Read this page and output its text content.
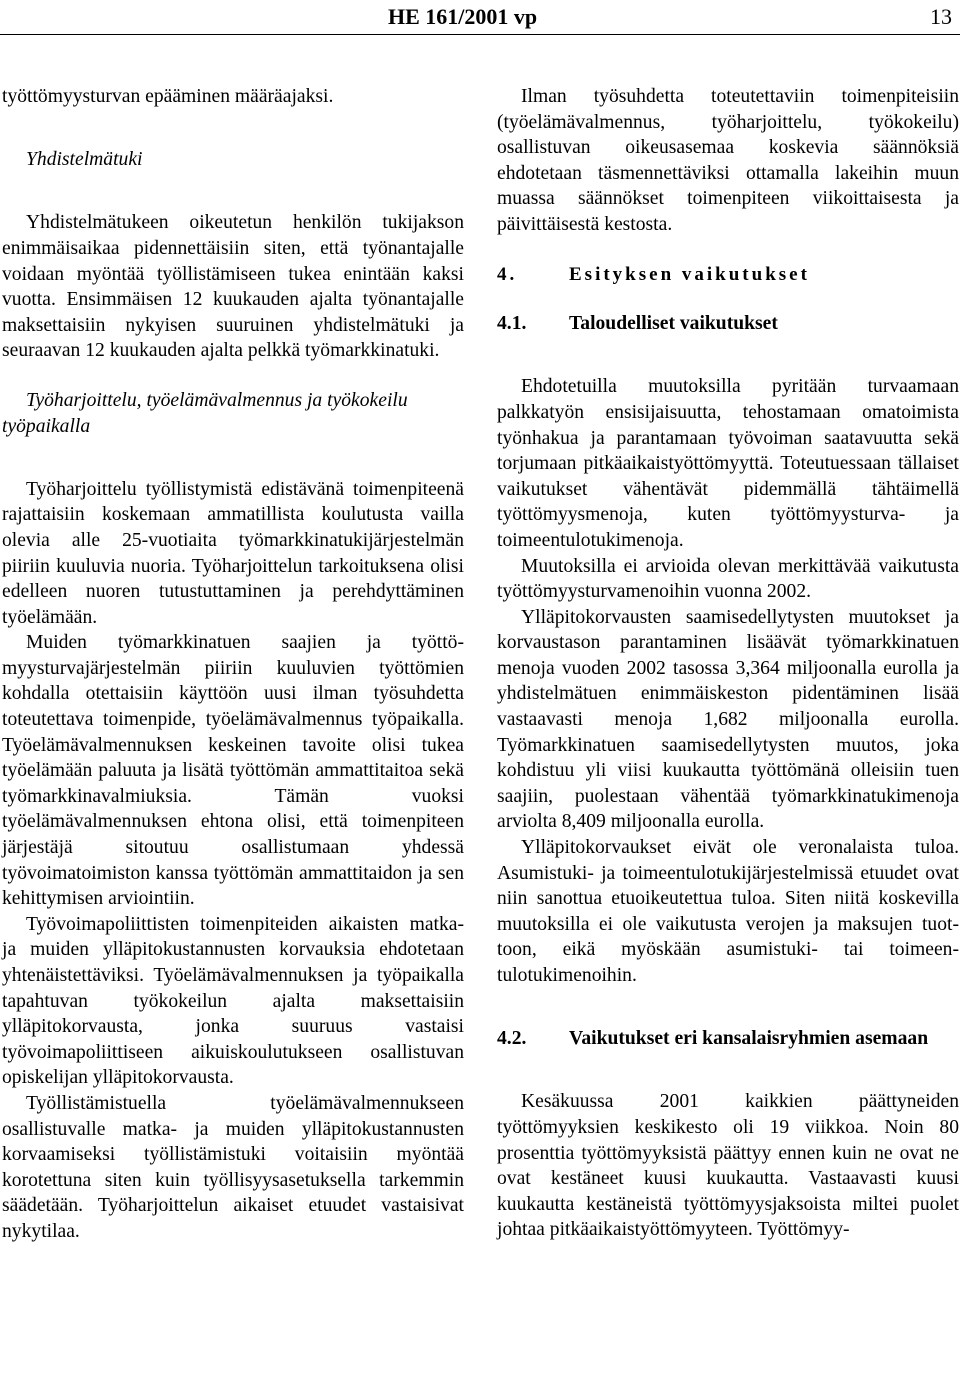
HE 161/2001 vp	13

työttömyysturvan epääminen määräajaksi.

Yhdistelmätuki

Yhdistelmätukeen oikeutetun henkilön tukijakson enimmäisaikaa pidennettäisiin siten, että työnantajalle voidaan myöntää työllistämiseen tukea enintään kaksi vuotta. Ensimmäisen 12 kuukauden ajalta työnantajalle maksettaisiin nykyisen suuruinen yhdistelmätuki ja seuraavan 12 kuukauden ajalta pelkkä työmarkkinatuki.

Työharjoittelu, työelämävalmennus ja työkokeilu työpaikalla

Työharjoittelu työllistymistä edistävänä toimenpiteenä rajattaisiin koskemaan ammatillista koulutusta vailla olevia alle 25-vuotiaita työmarkkinatukijärjestelmän piiriin kuuluvia nuoria. Työharjoittelun tarkoituksena olisi edelleen nuoren tutustuttaminen ja perehdyttäminen työelämään.

Muiden työmarkkinatuen saajien ja työttömyysturvajärjestelmän piiriin kuuluvien työttömien kohdalla otettaisiin käyttöön uusi ilman työsuhdetta toteutettava toimenpide, työelämävalmennus työpaikalla. Työelämävalmennuksen keskeinen tavoite olisi tukea työelämään paluuta ja lisätä työttömän ammattitaitoa sekä työmarkkinavalmiuksia. Tämän vuoksi työelämävalmennuksen ehtona olisi, että toimenpiteen järjestäjä sitoutuu osallistumaan yhdessä työvoimatoimiston kanssa työttömän ammattitaidon ja sen kehittymisen arviointiin.

Työvoimapoliittisten toimenpiteiden aikaisten matka- ja muiden ylläpitokustannusten korvauksia ehdotetaan yhtenäistettäviksi. Työelämävalmennuksen ja työpaikalla tapahtuvan työkokeilun ajalta maksettaisiin ylläpitokorvausta, jonka suuruus vastaisi työvoimapoliittiseen aikuiskoulutukseen osallistuvan opiskelijan ylläpitokorvausta.

Työllistämistuella työelämävalmennukseen osallistuvalle matka- ja muiden ylläpitokustannusten korvaamiseksi työllistämistuki voitaisiin myöntää korotettuna siten kuin työllisyysasetuksella tarkemmin säädetään. Työharjoittelun aikaiset etuudet vastaisivat nykytilaa.

Ilman työsuhdetta toteutettaviin toimenpiteisiin (työelämävalmennus, työharjoittelu, työkokeilu) osallistuvan oikeusasemaa koskevia säännöksiä ehdotetaan täsmennettäviksi ottamalla lakeihin muun muassa säännökset toimenpiteen viikoittaisesta ja päivittäisestä kestosta.

4.	Esityksen vaikutukset
4.1.	Taloudelliset vaikutukset

Ehdotetuilla muutoksilla pyritään turvaamaan palkkatyön ensisijaisuutta, tehostamaan omatoimista työnhakua ja parantamaan työvoiman saatavuutta sekä torjumaan pitkäaikaistyöttömyyttä. Toteutuessaan tällaiset vaikutukset vähentävät pidemmällä tähtäimellä työttömyysmenoja, kuten työttömyysturva- ja toimeentulotukimenoja.

Muutoksilla ei arvioida olevan merkittävää vaikutusta työttömyysturvamenoihin vuonna 2002.

Ylläpitokorvausten saamisedellytysten muutokset ja korvaustason parantaminen lisäävät työmarkkinatuen menoja vuoden 2002 tasossa 3,364 miljoonalla eurolla ja yhdistelmätuen enimmäiskeston pidentäminen lisää vastaavasti menoja 1,682 miljoonalla eurolla. Työmarkkinatuen saamisedellytysten muutos, joka kohdistuu yli viisi kuukautta työttömänä olleisiin tuen saajiin, puolestaan vähentää työmarkkinatukimenoja arviolta 8,409 miljoonalla eurolla.

Ylläpitokorvaukset eivät ole veronalaista tuloa. Asumistuki- ja toimeentulotukijärjestelmissä etuudet ovat niin sanottua etuoikeutettua tuloa. Siten niitä koskevilla muutoksilla ei ole vaikutusta verojen ja maksujen tuottoon, eikä myöskään asumistuki- tai toimeentulotukimenoihin.

4.2.	Vaikutukset eri kansalaisryhmien asemaan

Kesäkuussa 2001 kaikkien päättyneiden työttömyyksien keskikesto oli 19 viikkoa. Noin 80 prosenttia työttömyyksistä päättyy ennen kuin ne ovat ne ovat kestäneet kuusi kuukautta. Vastaavasti kuusi kuukautta kestäneistä työttömyysjaksoista miltei puolet johtaa pitkäaikaistyöttömyyteen. Työttömyy-
